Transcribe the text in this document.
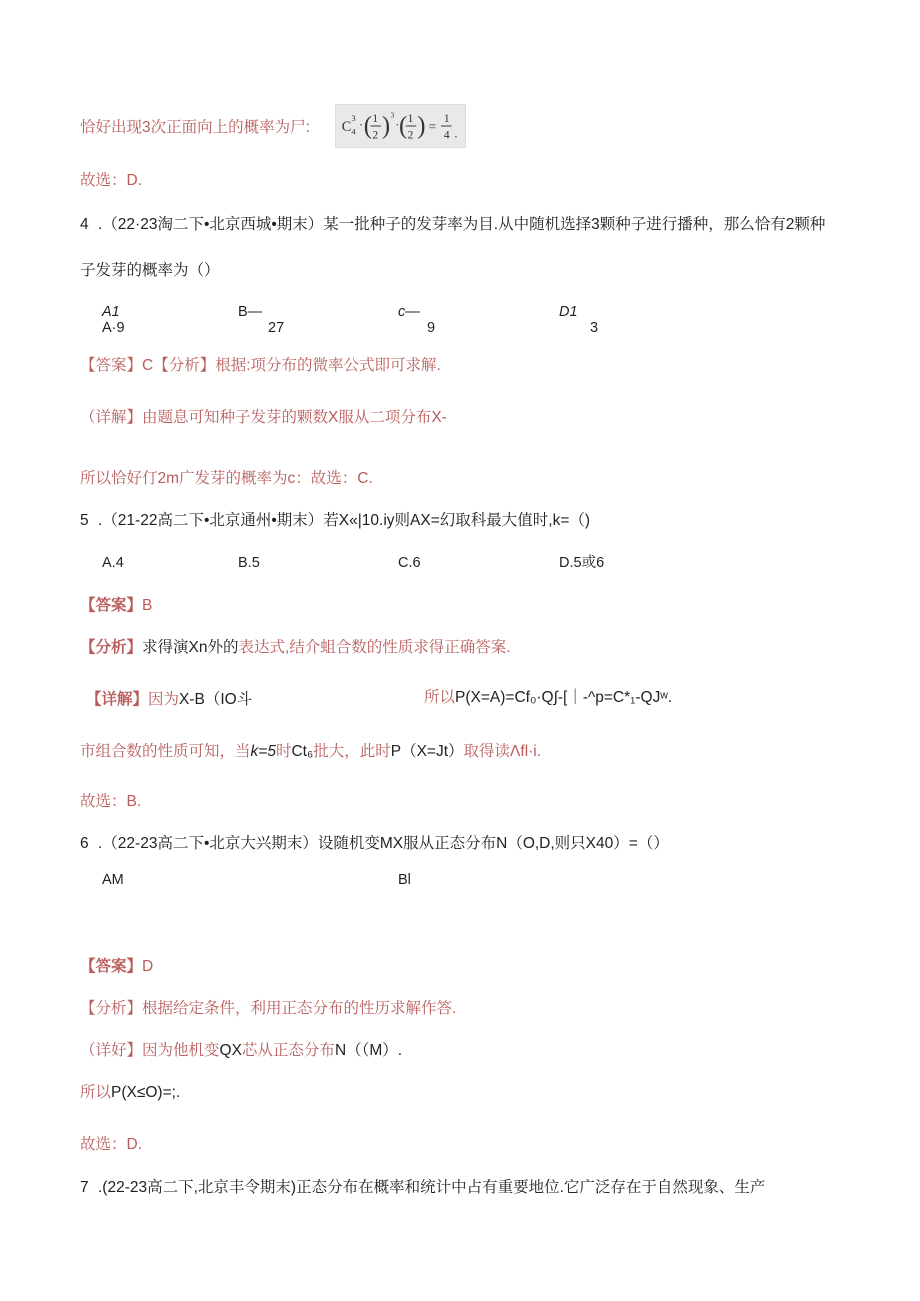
恰好出现3次正面向上的概率为尸: C
3
4 · ( 1
2 ) 3
· ( 1
2 ) = 1
4 .
故选：D.
4 .（22·23淘二下•北京西城•期末）某一批种子的发芽率为目.从中随机选择3颗种子进行播种，那么恰有2颗种
子发芽的概率为（）
A1
A·9
B—
27
c—
9
D1
3
【答案】C【分析】根据:项分布的微率公式即可求解.
（详解】由题息可知种子发芽的颗数X服从二项分布X-
所以恰好仃2m广发芽的概率为c：故选：C.
5 .（21-22高二下•北京通州•期末）若X«|10.iy则AX=幻取科最大值时,k=（)
A.4	B.5	C.6	D.5或6
【答案】B
【分析】求得演Xn外的表达式,结介蛆合数的性质求得正确答案.
【详解】因为X-B（IO斗	所以P(X=A)=Cf₀·Q∫-[｜-^p=C*₁-QJʷ.
市组合数的性质可知，当k=5时Ct₆批大，此时P（X=Jt）取得读Λfl·i.
故选：B.
6 .（22-23高二下•北京大兴期末）设随机变MX服从正态分布N（O,D,则只X40）=（）
AM	Bl
【答案】D
【分析】根据给定条件，利用正态分布的性历求解作答.
（详好】因为他机变QX芯从正态分布N（（M）.
所以P(X≤O)=;.
故选：D.
7 .(22-23高二下,北京丰令期末)正态分布在概率和统计中占有重要地位.它广泛存在于自然现象、生产
